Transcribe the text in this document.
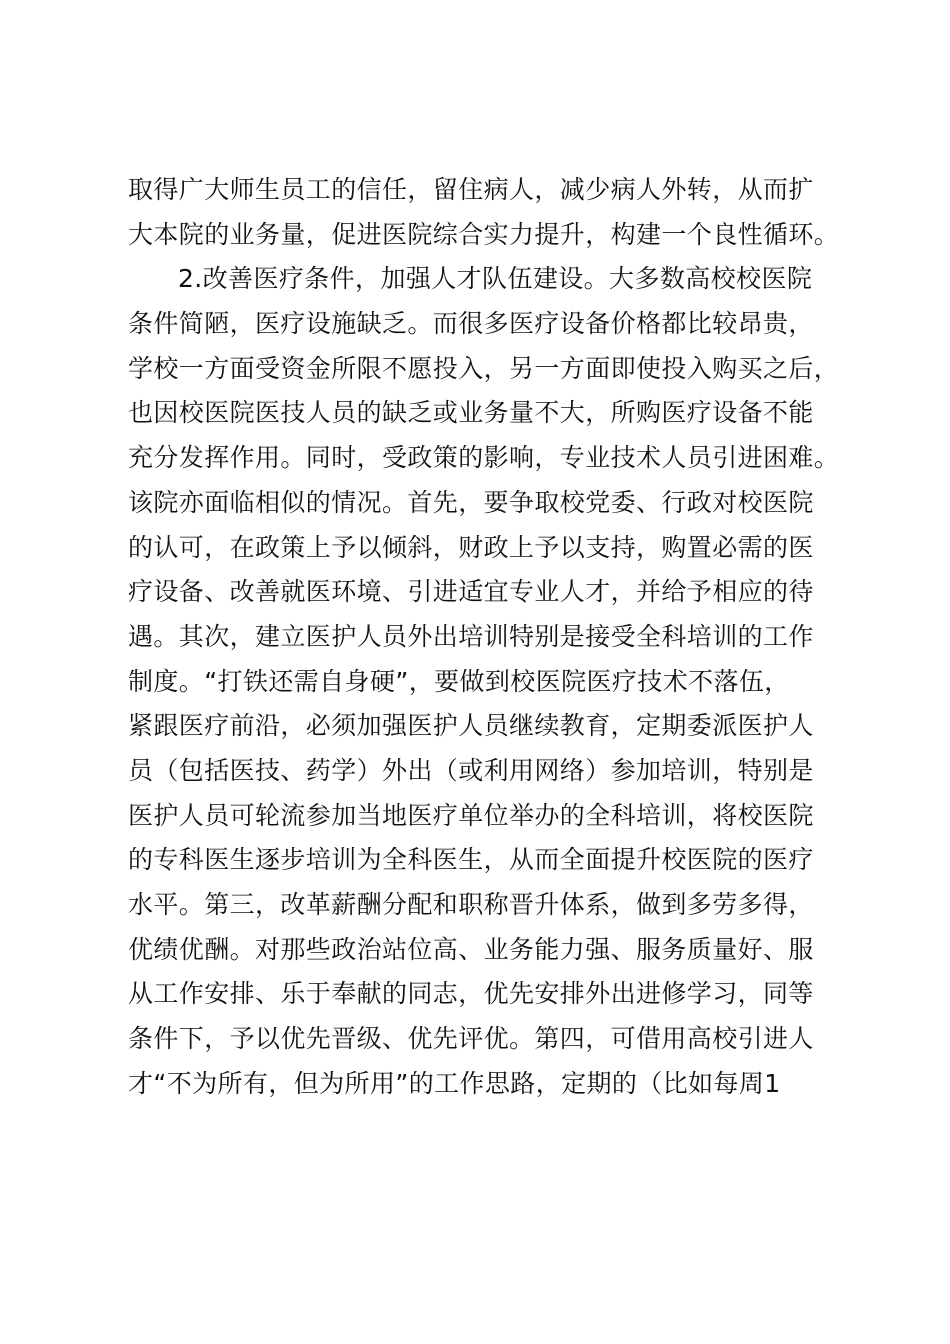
取得广大师生员工的信任，留住病人，减少病人外转，从而扩
大本院的业务量，促进医院综合实力提升，构建一个良性循环。
2.改善医疗条件，加强人才队伍建设。大多数高校校医院
条件简陋，医疗设施缺乏。而很多医疗设备价格都比较昂贵，
学校一方面受资金所限不愿投入，另一方面即使投入购买之后，
也因校医院医技人员的缺乏或业务量不大，所购医疗设备不能
充分发挥作用。同时，受政策的影响，专业技术人员引进困难。
该院亦面临相似的情况。首先，要争取校党委、行政对校医院
的认可，在政策上予以倾斜，财政上予以支持，购置必需的医
疗设备、改善就医环境、引进适宜专业人才，并给予相应的待
遇。其次，建立医护人员外出培训特别是接受全科培训的工作
制度。“打铁还需自身硬”，要做到校医院医疗技术不落伍，
紧跟医疗前沿，必须加强医护人员继续教育，定期委派医护人
员（包括医技、药学）外出（或利用网络）参加培训，特别是
医护人员可轮流参加当地医疗单位举办的全科培训，将校医院
的专科医生逐步培训为全科医生，从而全面提升校医院的医疗
水平。第三，改革薪酬分配和职称晋升体系，做到多劳多得，
优绩优酬。对那些政治站位高、业务能力强、服务质量好、服
从工作安排、乐于奉献的同志，优先安排外出进修学习，同等
条件下，予以优先晋级、优先评优。第四，可借用高校引进人
才“不为所有，但为所用”的工作思路，定期的（比如每周1
